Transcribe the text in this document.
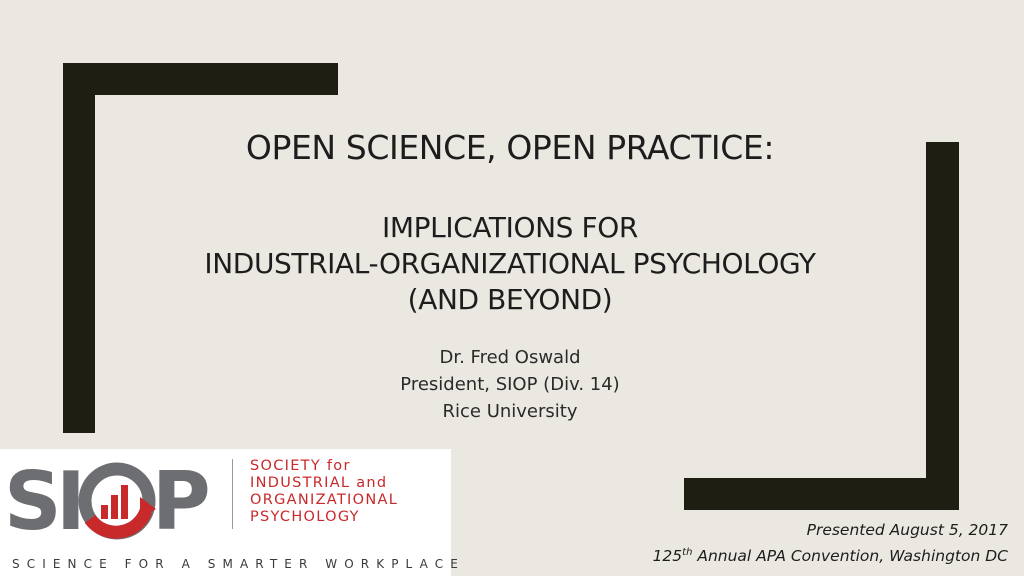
OPEN SCIENCE, OPEN PRACTICE:
IMPLICATIONS FOR
INDUSTRIAL-ORGANIZATIONAL PSYCHOLOGY
(AND BEYOND)
Dr. Fred Oswald
President, SIOP (Div. 14)
Rice University
S
I P	SOCIETY for
INDUSTRIAL and
ORGANIZATIONAL
PSYCHOLOGY
SCIENCE FOR A SMARTER WORKPLACE
Presented August 5, 2017
125th Annual APA Convention, Washington DC
